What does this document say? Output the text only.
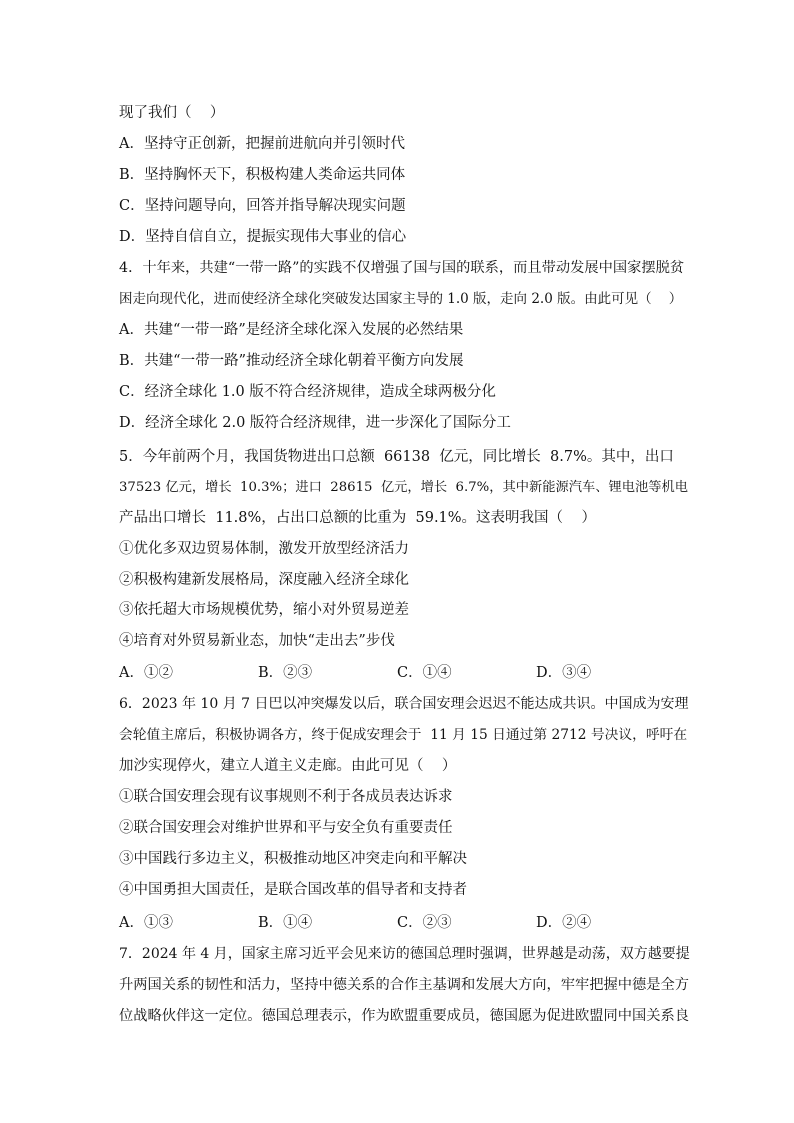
现了我们（    ）
A．坚持守正创新，把握前进航向并引领时代
B．坚持胸怀天下，积极构建人类命运共同体
C．坚持问题导向，回答并指导解决现实问题
D．坚持自信自立，提振实现伟大事业的信心
4．十年来，共建“一带一路”的实践不仅增强了国与国的联系，而且带动发展中国家摆脱贫
困走向现代化，进而使经济全球化突破发达国家主导的 1.0 版，走向 2.0 版。由此可见（    ）
A．共建“一带一路”是经济全球化深入发展的必然结果
B．共建“一带一路”推动经济全球化朝着平衡方向发展
C．经济全球化 1.0 版不符合经济规律，造成全球两极分化
D．经济全球化 2.0 版符合经济规律，进一步深化了国际分工
5．今年前两个月，我国货物进出口总额  66138  亿元，同比增长  8.7%。其中，出口
37523 亿元，增长  10.3%；进口  28615  亿元，增长  6.7%，其中新能源汽车、锂电池等机电
产品出口增长  11.8%，占出口总额的比重为  59.1%。这表明我国（    ）
①优化多双边贸易体制，激发开放型经济活力
②积极构建新发展格局，深度融入经济全球化
③依托超大市场规模优势，缩小对外贸易逆差
④培育对外贸易新业态，加快“走出去”步伐
A．①②	B．②③	C．①④	D．③④
6．2023 年 10 月 7 日巴以冲突爆发以后，联合国安理会迟迟不能达成共识。中国成为安理
会轮值主席后，积极协调各方，终于促成安理会于  11 月 15 日通过第 2712 号决议，呼吁在
加沙实现停火，建立人道主义走廊。由此可见（    ）
①联合国安理会现有议事规则不利于各成员表达诉求
②联合国安理会对维护世界和平与安全负有重要责任
③中国践行多边主义，积极推动地区冲突走向和平解决
④中国勇担大国责任，是联合国改革的倡导者和支持者
A．①③	B．①④	C．②③	D．②④
7．2024 年 4 月，国家主席习近平会见来访的德国总理时强调，世界越是动荡，双方越要提
升两国关系的韧性和活力，坚持中德关系的合作主基调和发展大方向，牢牢把握中德是全方
位战略伙伴这一定位。德国总理表示，作为欧盟重要成员，德国愿为促进欧盟同中国关系良
